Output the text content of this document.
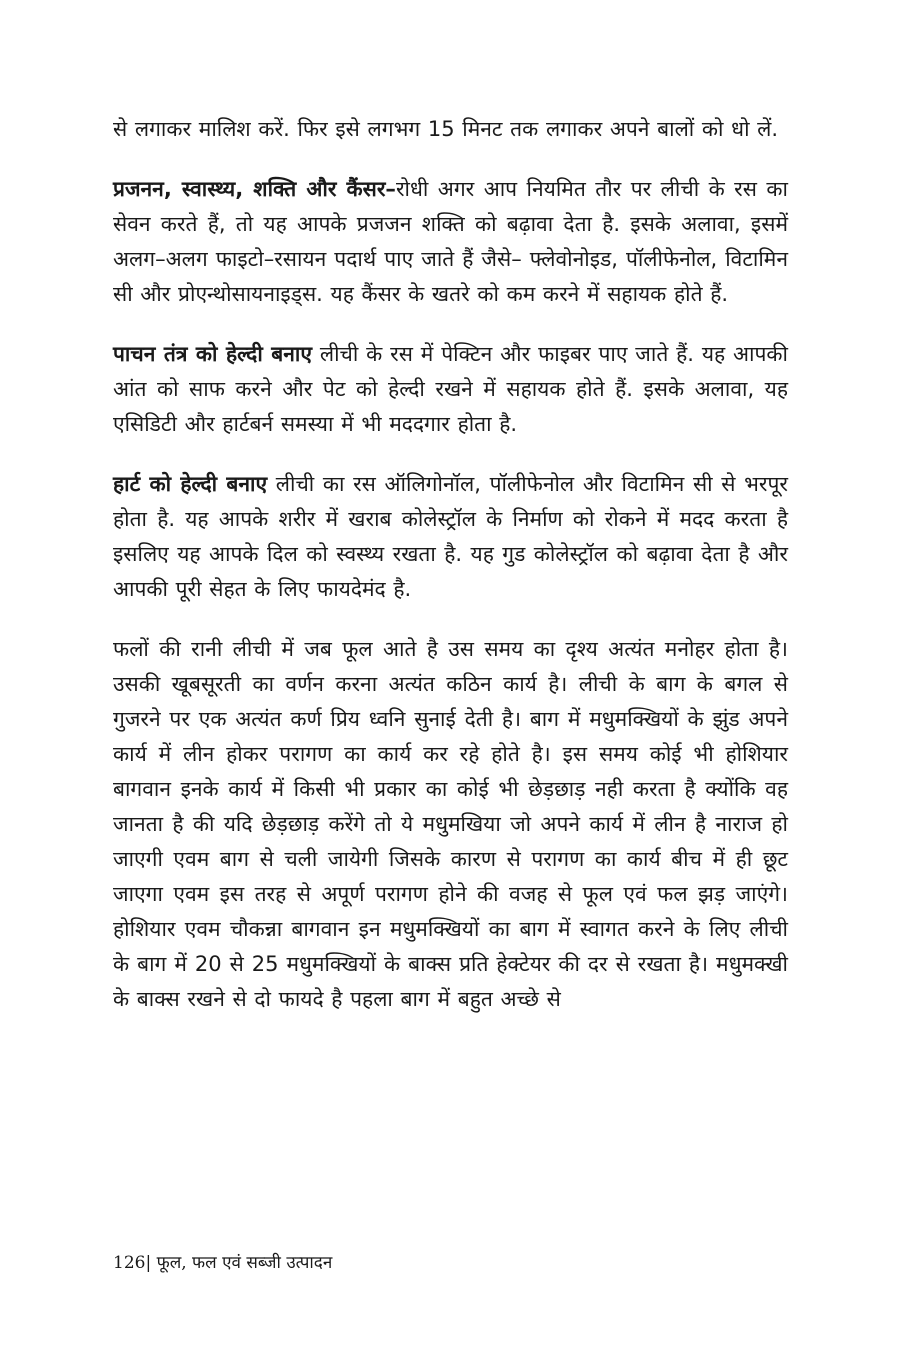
से लगाकर मालिश करें. फिर इसे लगभग 15 मिनट तक लगाकर अपने बालों को धो लें.

प्रजनन, स्वास्थ्य, शक्ति और कैंसर–रोधी अगर आप नियमित तौर पर लीची के रस का सेवन करते हैं, तो यह आपके प्रजजन शक्ति को बढ़ावा देता है. इसके अलावा, इसमें अलग–अलग फाइटो–रसायन पदार्थ पाए जाते हैं जैसे– फ्लेवोनोइड, पॉलीफेनोल, विटामिन सी और प्रोएन्थोसायनाइड्स. यह कैंसर के खतरे को कम करने में सहायक होते हैं.

पाचन तंत्र को हेल्दी बनाए लीची के रस में पेक्टिन और फाइबर पाए जाते हैं. यह आपकी आंत को साफ करने और पेट को हेल्दी रखने में सहायक होते हैं. इसके अलावा, यह एसिडिटी और हार्टबर्न समस्या में भी मददगार होता है.

हार्ट को हेल्दी बनाए लीची का रस ऑलिगोनॉल, पॉलीफेनोल और विटामिन सी से भरपूर होता है. यह आपके शरीर में खराब कोलेस्ट्रॉल के निर्माण को रोकने में मदद करता है इसलिए यह आपके दिल को स्वस्थ्य रखता है. यह गुड कोलेस्ट्रॉल को बढ़ावा देता है और आपकी पूरी सेहत के लिए फायदेमंद है.

फलों की रानी लीची में जब फूल आते है उस समय का दृश्य अत्यंत मनोहर होता है। उसकी खूबसूरती का वर्णन करना अत्यंत कठिन कार्य है। लीची के बाग के बगल से गुजरने पर एक अत्यंत कर्ण प्रिय ध्वनि सुनाई देती है। बाग में मधुमक्खियों के झुंड अपने कार्य में लीन होकर परागण का कार्य कर रहे होते है। इस समय कोई भी होशियार बागवान इनके कार्य में किसी भी प्रकार का कोई भी छेड़छाड़ नही करता है क्योंकि वह जानता है की यदि छेड़छाड़ करेंगे तो ये मधुमखिया जो अपने कार्य में लीन है नाराज हो जाएगी एवम बाग से चली जायेगी जिसके कारण से परागण का कार्य बीच में ही छूट जाएगा एवम इस तरह से अपूर्ण परागण होने की वजह से फूल एवं फल झड़ जाएंगे। होशियार एवम चौकन्ना बागवान इन मधुमक्खियों का बाग में स्वागत करने के लिए लीची के बाग में 20 से 25 मधुमक्खियों के बाक्स प्रति हेक्टेयर की दर से रखता है। मधुमक्खी के बाक्स रखने से दो फायदे है पहला बाग में बहुत अच्छे से

126| फूल, फल एवं सब्जी उत्पादन
